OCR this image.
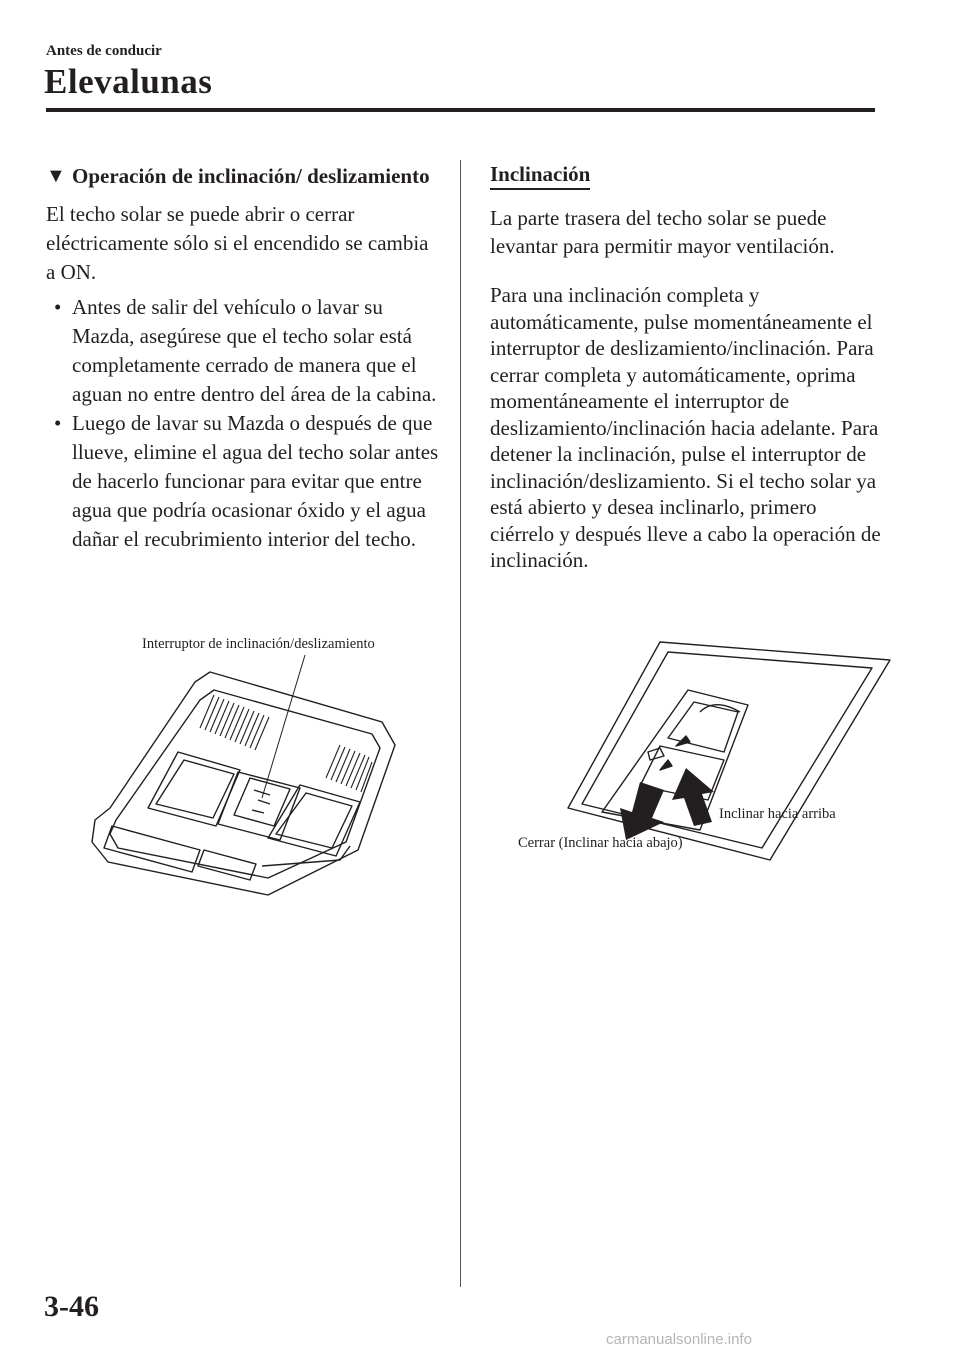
Antes de conducir
Elevalunas
▼ Operación de inclinación/ deslizamiento
El techo solar se puede abrir o cerrar eléctricamente sólo si el encendido se cambia a ON.
• Antes de salir del vehículo o lavar su Mazda, asegúrese que el techo solar está completamente cerrado de manera que el aguan no entre dentro del área de la cabina.
• Luego de lavar su Mazda o después de que llueve, elimine el agua del techo solar antes de hacerlo funcionar para evitar que entre agua que podría ocasionar óxido y el agua dañar el recubrimiento interior del techo.
Interruptor de inclinación/deslizamiento
Inclinación
La parte trasera del techo solar se puede levantar para permitir mayor ventilación.
Para una inclinación completa y automáticamente, pulse momentáneamente el interruptor de deslizamiento/inclinación. Para cerrar completa y automáticamente, oprima momentáneamente el interruptor de deslizamiento/inclinación hacia adelante. Para detener la inclinación, pulse el interruptor de inclinación/deslizamiento. Si el techo solar ya está abierto y desea inclinarlo, primero ciérrelo y después lleve a cabo la operación de inclinación.
Inclinar hacia arriba
Cerrar (Inclinar hacia abajo)
3-46
carmanualsonline.info
